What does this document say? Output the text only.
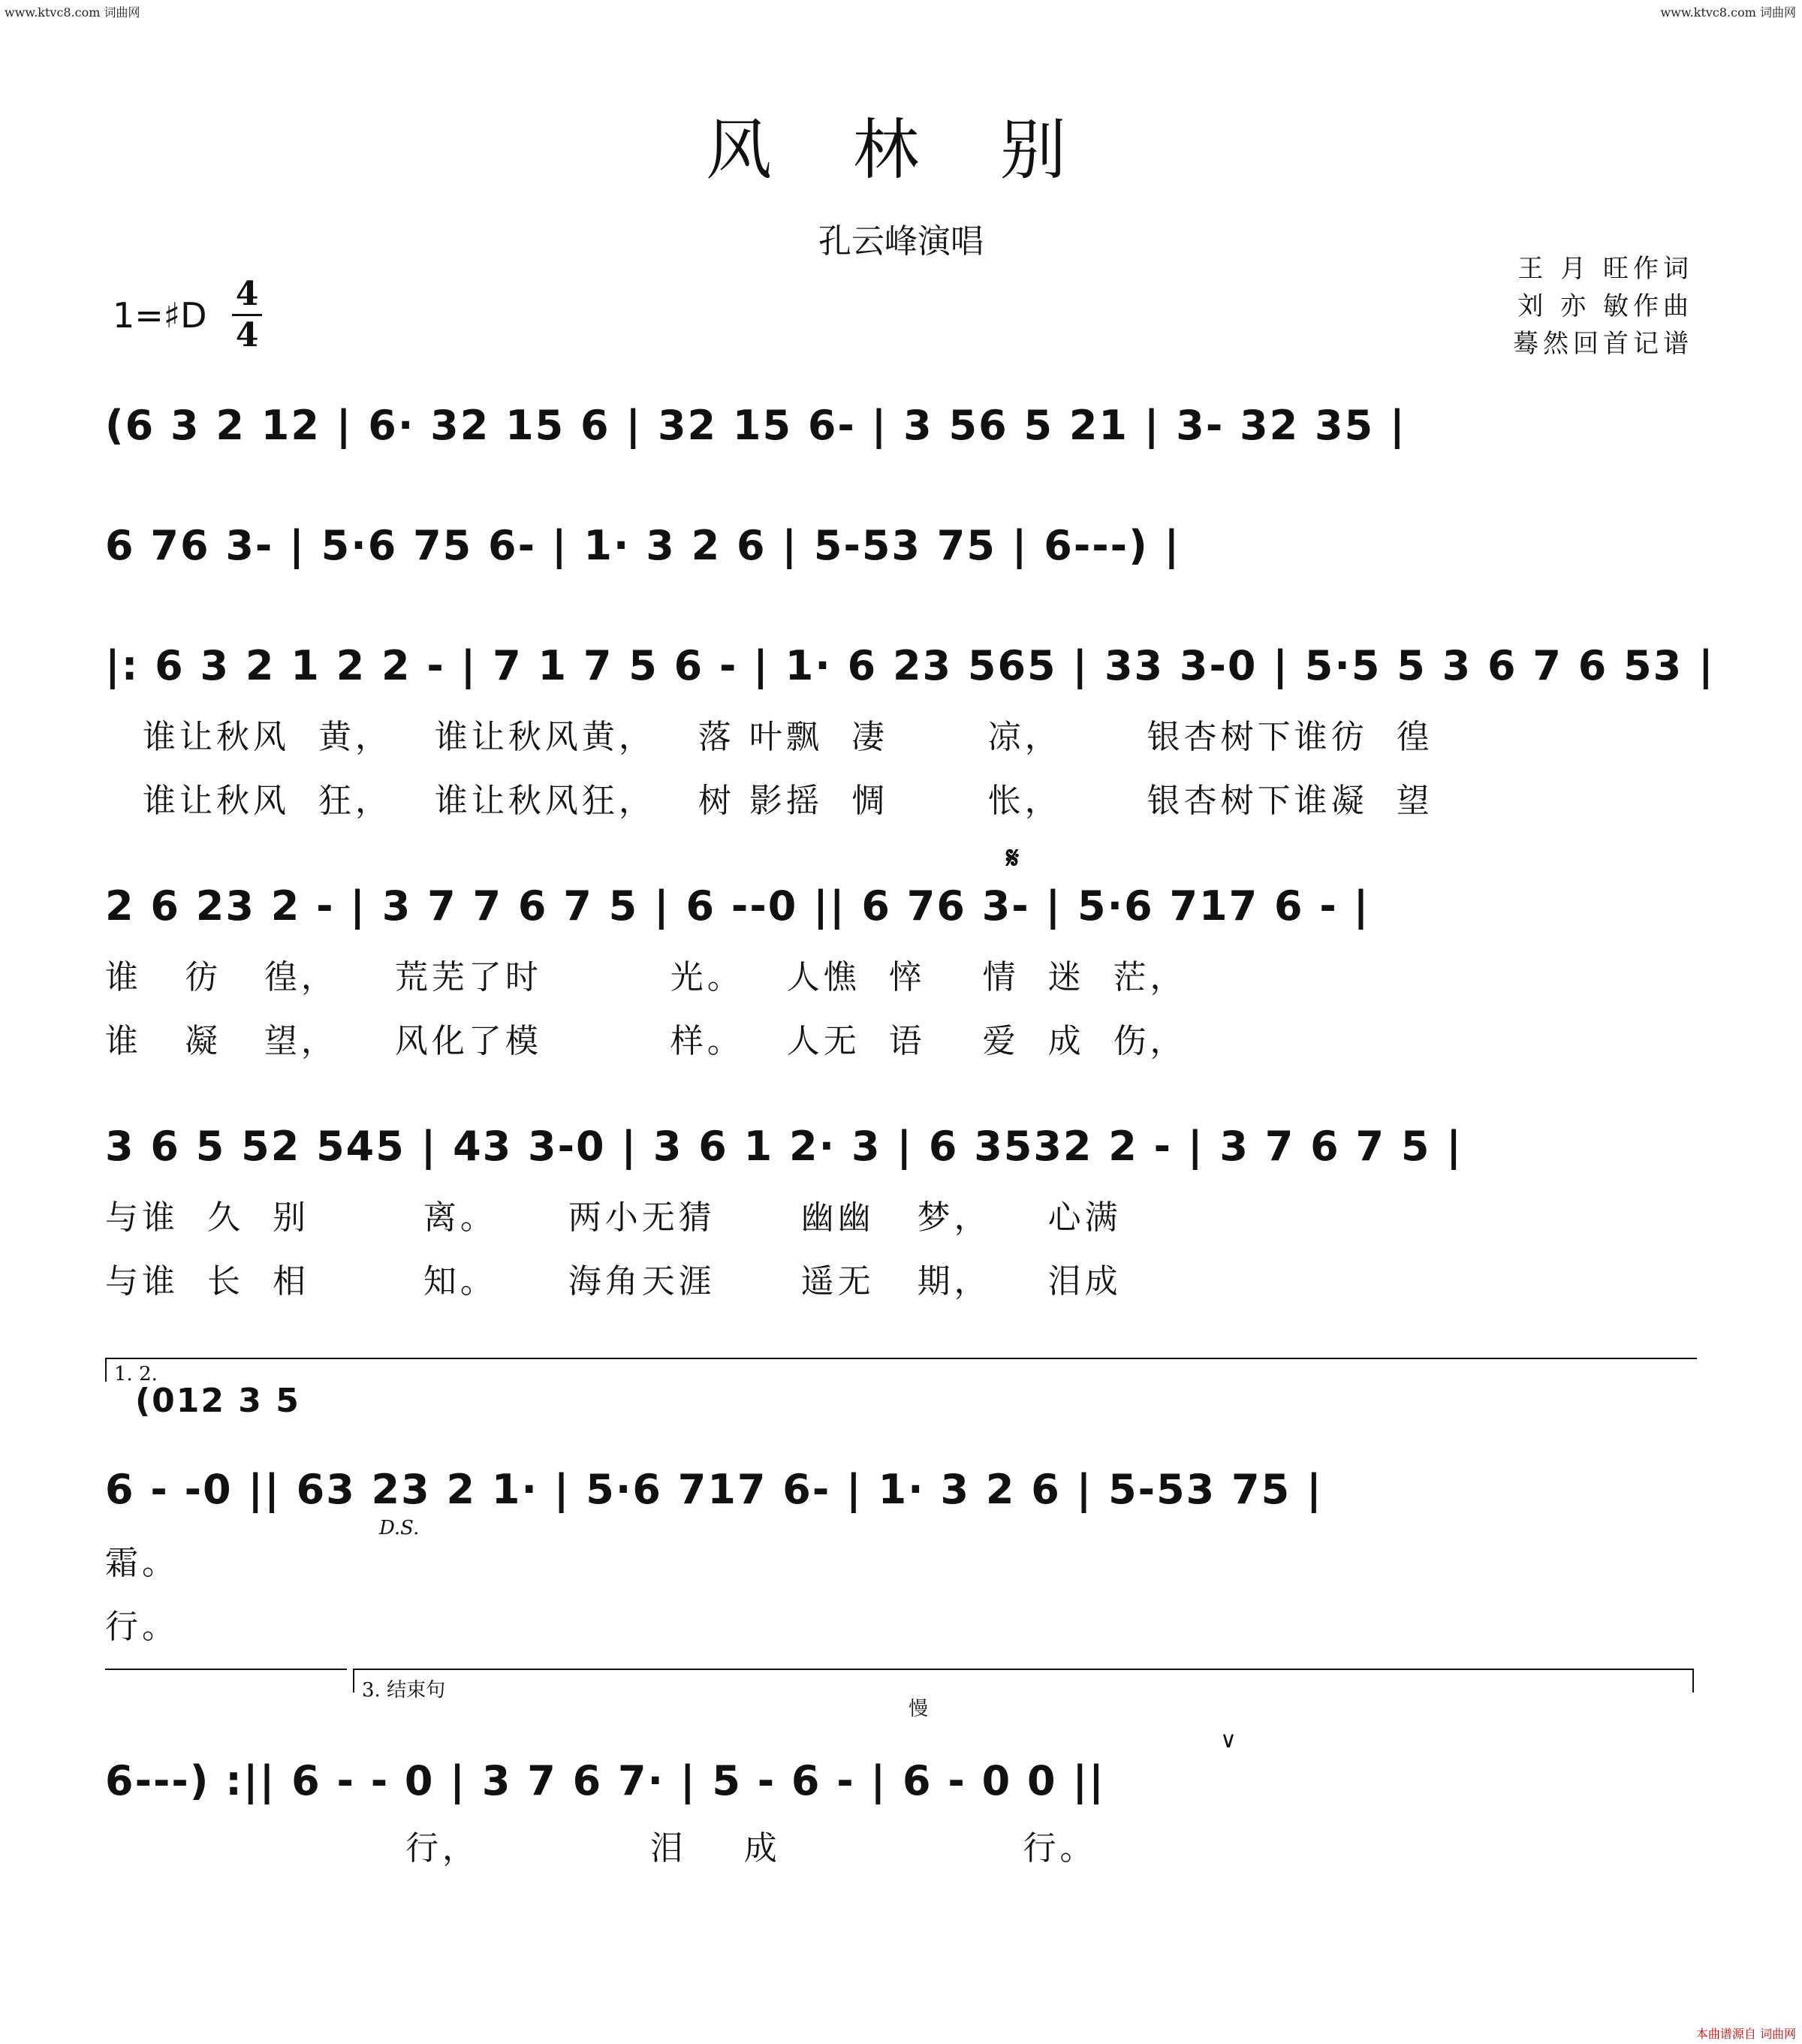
www.ktvc8.com 词曲网	www.ktvc8.com 词曲网
本曲谱源自 词曲网
风 林 别
孔云峰演唱
王 月 旺作词
刘 亦 敏作曲
蓦然回首记谱
1=♯D
4
4
(6 3 2 12 | 6· 32 15 6 | 32 15 6- | 3 56 5 21 | 3- 32 35 |
6 76 3- | 5·6 75 6- | 1· 3 2 6 | 5-53 75 | 6---) |
|: 6 3 2 1 2 2 - | 7 1 7 5 6 - | 1· 6 23 565 | 33 3-0 | 5·5 5 3 6 7 6 53 |
谁让秋风  黄，   谁让秋风黄，   落 叶飘  凄       凉，      银杏树下谁彷  徨
谁让秋风  狂，   谁让秋风狂，   树 影摇  惆       怅，      银杏树下谁凝  望
𝄋
2 6 23 2 - | 3 7 7 6 7 5 | 6 --0 || 6 76 3- | 5·6 717 6 - |
谁   彷   徨，    荒芜了时         光。   人憔  悴    情  迷  茫，
谁   凝   望，    风化了模         样。   人无  语    爱  成  伤，
3 6 5 52 545 | 43 3-0 | 3 6 1 2· 3 | 6 3532 2 - | 3 7 6 7 5 |
与谁  久  别        离。     两小无猜      幽幽   梦，    心满
与谁  长  相        知。     海角天涯      遥无   期，    泪成
1. 2.
(012 3 5
6 - -0 || 63 23 2 1· | 5·6 717 6- | 1· 3 2 6 | 5-53 75 |
D.S.
霜。
行。
3. 结束句
慢
∨
6---) :|| 6 - - 0 | 3 7 6 7· | 5 - 6 - | 6 - 0 0 ||
行，            泪    成                 行。
